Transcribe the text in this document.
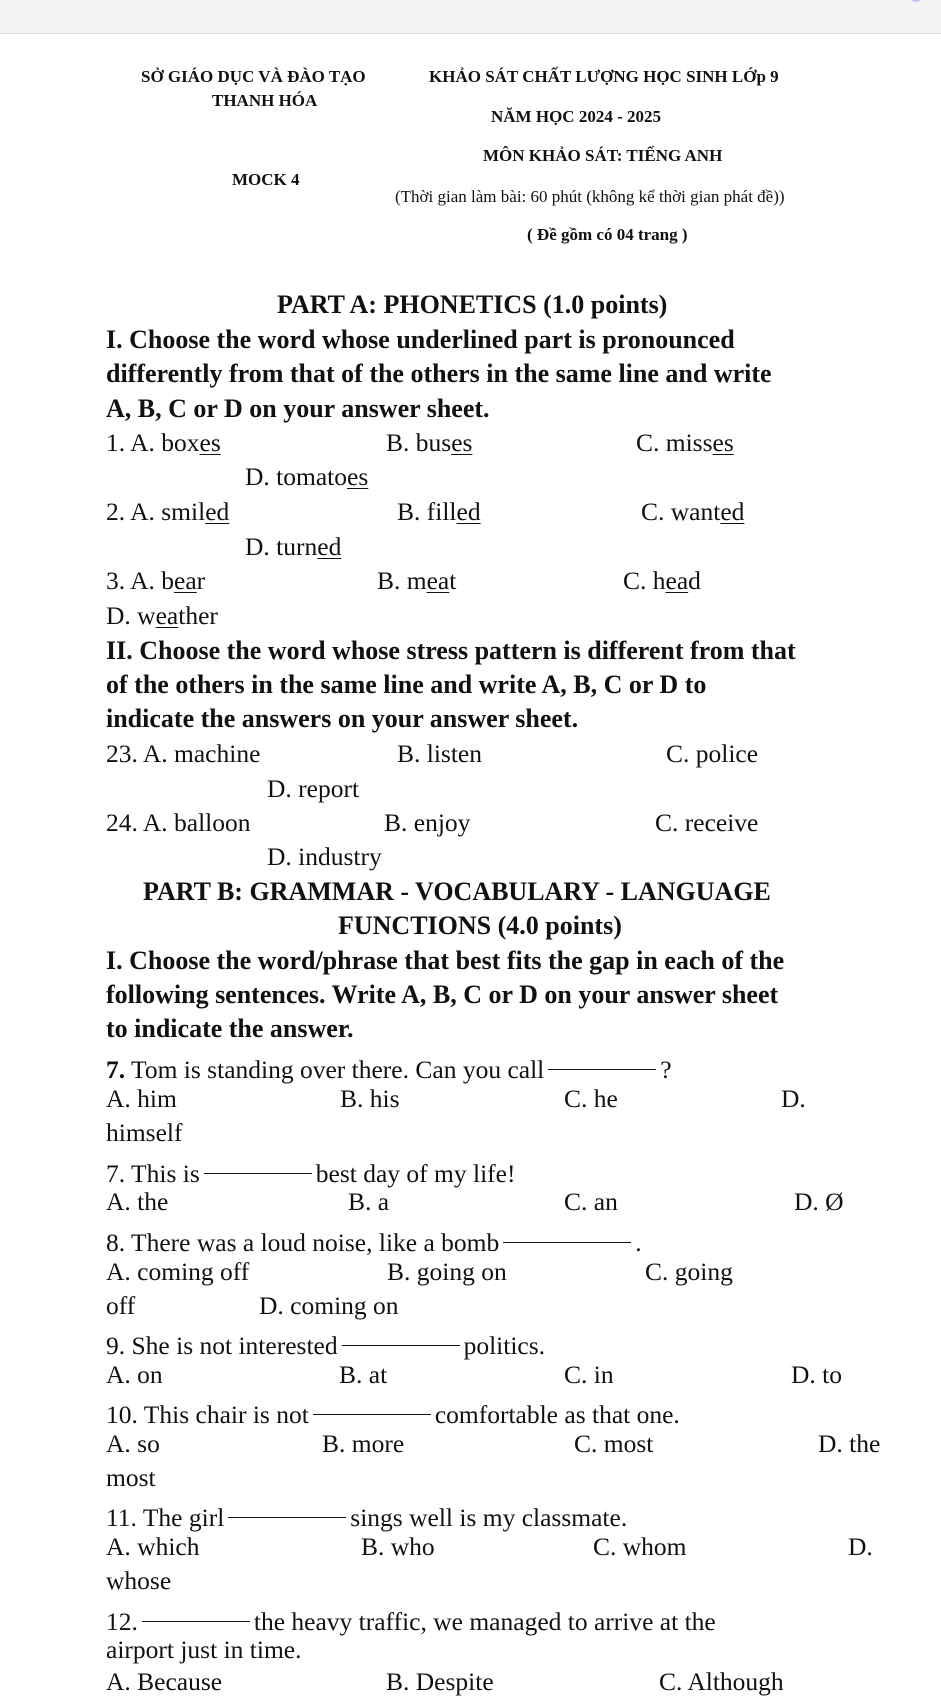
SỞ GIÁO DỤC VÀ ĐÀO TẠO
THANH HÓA
KHẢO SÁT CHẤT LƯỢNG HỌC SINH LỚp 9
NĂM HỌC 2024 - 2025
MÔN KHẢO SÁT: TIẾNG ANH
MOCK 4
(Thời gian làm bài: 60 phút (không kể thời gian phát đề))
( Đề gồm có 04 trang )
PART A: PHONETICS (1.0 points)
I. Choose the word whose underlined part is pronounced
differently from that of the others in the same line and write
A, B, C or D on your answer sheet.
1. A. boxes	B. buses	C. misses
D. tomatoes
2. A. smiled	B. filled	C. wanted
D. turned
3. A. bear	B. meat	C. head
D. weather
II. Choose the word whose stress pattern is different from that
of the others in the same line and write A, B, C or D to
indicate the answers on your answer sheet.
23. A. machine	B. listen	C. police
D. report
24. A. balloon	B. enjoy	C. receive
D. industry
PART B: GRAMMAR - VOCABULARY - LANGUAGE
FUNCTIONS (4.0 points)
I. Choose the word/phrase that best fits the gap in each of the
following sentences. Write A, B, C or D on your answer sheet
to indicate the answer.
7. Tom is standing over there. Can you call	?
A. him	B. his	C. he	D.
himself
7. This is	best day of my life!
A. the	B. a	C. an	D. Ø
8. There was a loud noise, like a bomb	.
A. coming off	B. going on	C. going
off	D. coming on
9. She is not interested	politics.
A. on	B. at	C. in	D. to
10. This chair is not	comfortable as that one.
A. so	B. more	C. most	D. the
most
11. The girl	sings well is my classmate.
A. which	B. who	C. whom	D.
whose
12.	the heavy traffic, we managed to arrive at the
airport just in time.
A. Because	B. Despite	C. Although
